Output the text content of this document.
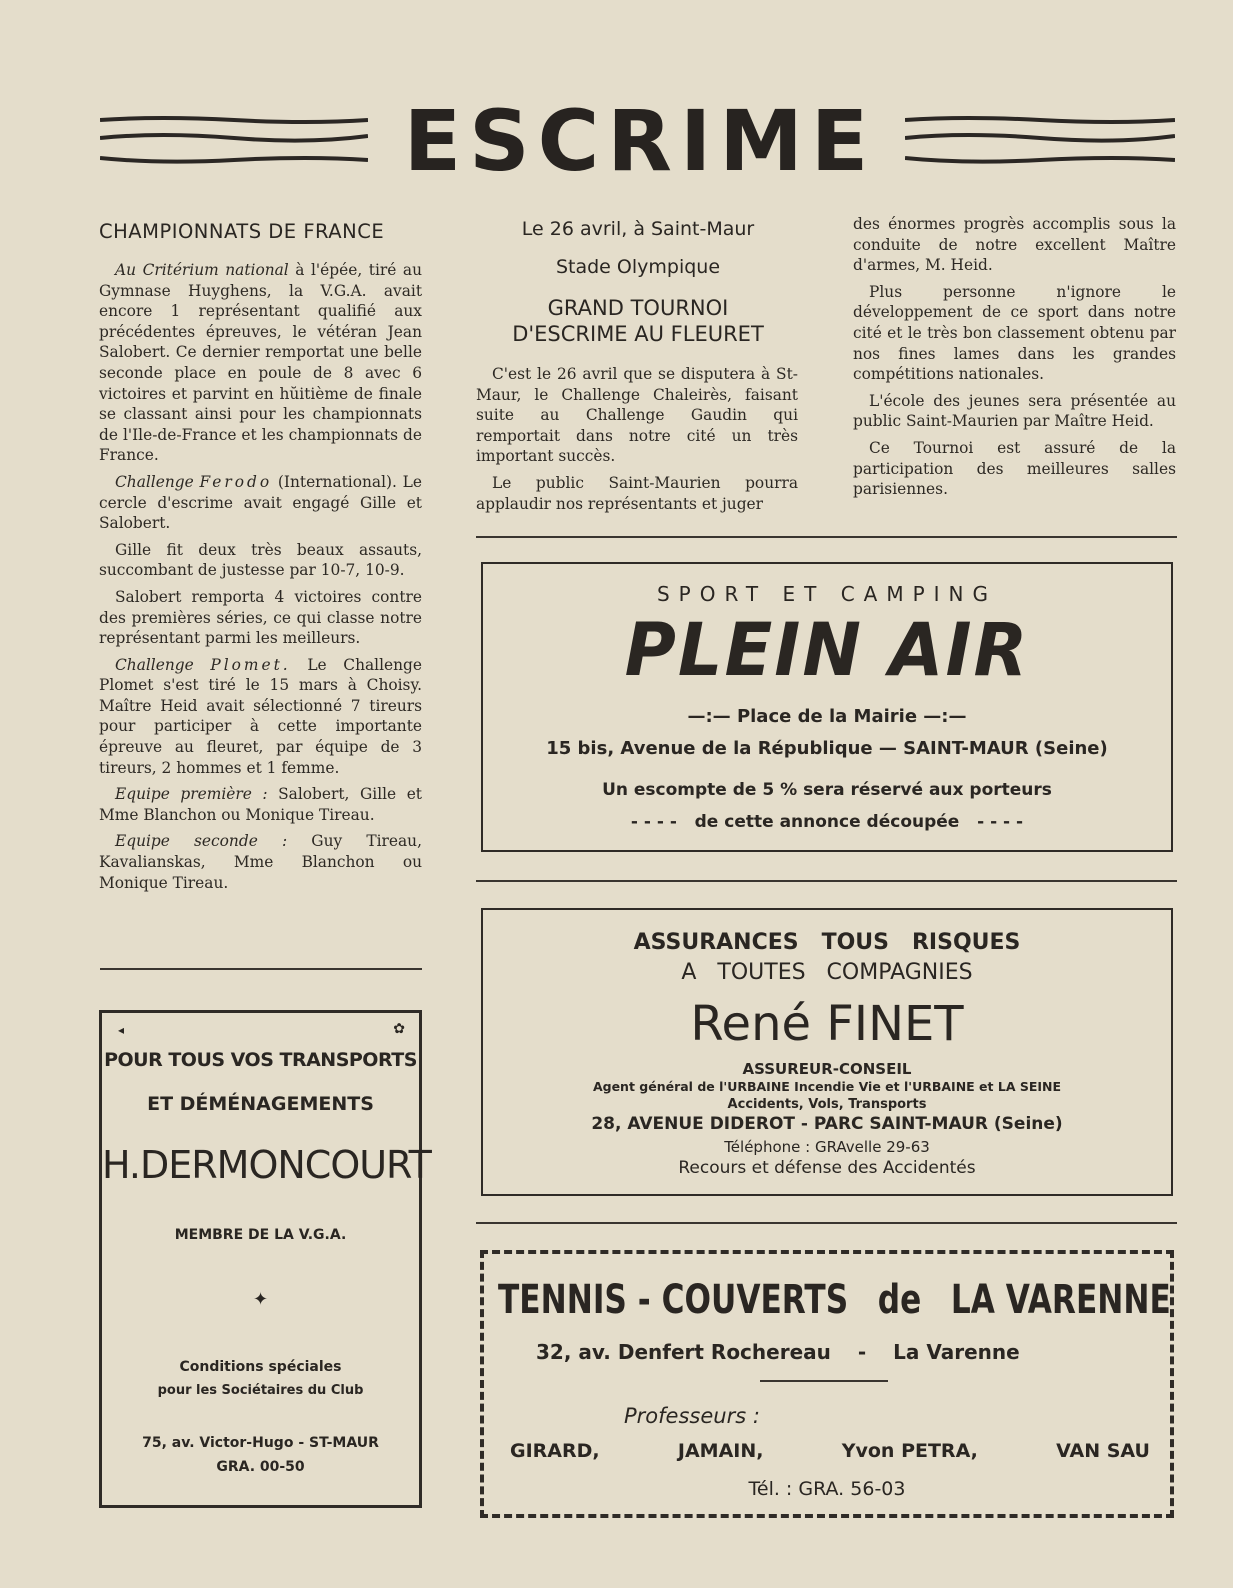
ESCRIME
CHAMPIONNATS DE FRANCE

Au Critérium national à l'épée, tiré au Gymnase Huyghens, la V.G.A. avait encore 1 représentant qualifié aux précédentes épreuves, le vétéran Jean Salobert. Ce dernier remportat une belle seconde place en poule de 8 avec 6 victoires et parvint en hŭitième de finale se classant ainsi pour les championnats de l'Ile-de-France et les championnats de France.

Challenge Ferodo (International). Le cercle d'escrime avait engagé Gille et Salobert.

Gille fit deux très beaux assauts, succombant de justesse par 10-7, 10-9.

Salobert remporta 4 victoires contre des premières séries, ce qui classe notre représentant parmi les meilleurs.

Challenge Plomet. Le Challenge Plomet s'est tiré le 15 mars à Choisy. Maître Heid avait sélectionné 7 tireurs pour participer à cette importante épreuve au fleuret, par équipe de 3 tireurs, 2 hommes et 1 femme.

Equipe première : Salobert, Gille et Mme Blanchon ou Monique Tireau.

Equipe seconde : Guy Tireau, Kavalianskas, Mme Blanchon ou Monique Tireau.

Le 26 avril, à Saint-Maur
Stade Olympique
GRAND TOURNOI
D'ESCRIME AU FLEURET

C'est le 26 avril que se disputera à St-Maur, le Challenge Chaleirès, faisant suite au Challenge Gaudin qui remportait dans notre cité un très important succès.

Le public Saint-Maurien pourra applaudir nos représentants et juger

des énormes progrès accomplis sous la conduite de notre excellent Maître d'armes, M. Heid.

Plus personne n'ignore le développement de ce sport dans notre cité et le très bon classement obtenu par nos fines lames dans les grandes compétitions nationales.

L'école des jeunes sera présentée au public Saint-Maurien par Maître Heid.

Ce Tournoi est assuré de la participation des meilleures salles parisiennes.

SPORT ET CAMPING
PLEIN AIR
—:— Place de la Mairie —:—
15 bis, Avenue de la République — SAINT-MAUR (Seine)
Un escompte de 5 % sera réservé aux porteurs
- - - -   de cette annonce découpée   - - - -
ASSURANCES   TOUS   RISQUES
A   TOUTES   COMPAGNIES
René FINET
ASSUREUR-CONSEIL
Agent général de l'URBAINE Incendie Vie et l'URBAINE et LA SEINE
Accidents, Vols, Transports
28, AVENUE DIDEROT - PARC SAINT-MAUR (Seine)
Téléphone : GRAvelle 29-63
Recours et défense des Accidentés
◂	✿
POUR TOUS VOS TRANSPORTS
ET DÉMÉNAGEMENTS
H.DERMONCOURT
MEMBRE DE LA V.G.A.
✦
Conditions spéciales
pour les Sociétaires du Club
75, av. Victor-Hugo - ST-MAUR
GRA. 00-50
TENNIS - COUVERTS de LA VARENNE
32, av. Denfert Rochereau - La Varenne
Professeurs :
GIRARD,	JAMAIN,	Yvon PETRA,	VAN SAU
Tél. : GRA. 56-03
